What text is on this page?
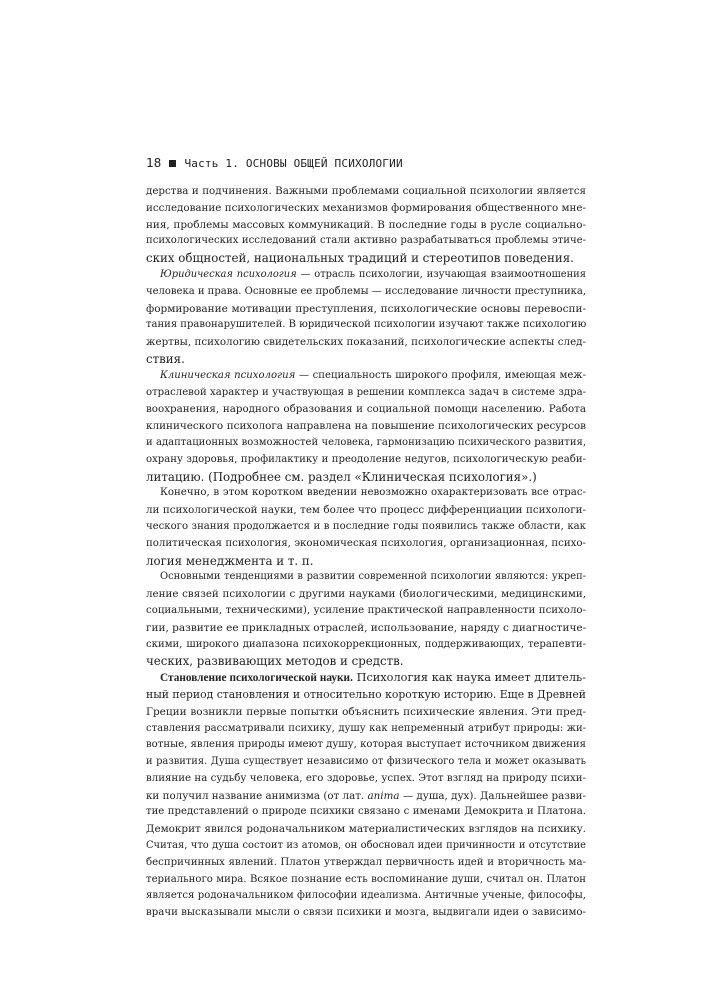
18 Часть 1. ОСНОВЫ ОБЩЕЙ ПСИХОЛОГИИ
дерства и подчинения. Важными проблемами социальной психологии является
исследование психологических механизмов формирования общественного мне-
ния, проблемы массовых коммуникаций. В последние годы в русле социально-
психологических исследований стали активно разрабатываться проблемы этиче-
ских общностей, национальных традиций и стереотипов поведения.
Юридическая психология — отрасль психологии, изучающая взаимоотношения
человека и права. Основные ее проблемы — исследование личности преступника,
формирование мотивации преступления, психологические основы перевоспи-
тания правонарушителей. В юридической психологии изучают также психологию
жертвы, психологию свидетельских показаний, психологические аспекты след-
ствия.
Клиническая психология — специальность широкого профиля, имеющая меж-
отраслевой характер и участвующая в решении комплекса задач в системе здра-
воохранения, народного образования и социальной помощи населению. Работа
клинического психолога направлена на повышение психологических ресурсов
и адаптационных возможностей человека, гармонизацию психического развития,
охрану здоровья, профилактику и преодоление недугов, психологическую реаби-
литацию. (Подробнее см. раздел «Клиническая психология».)
Конечно, в этом коротком введении невозможно охарактеризовать все отрас-
ли психологической науки, тем более что процесс дифференциации психологи-
ческого знания продолжается и в последние годы появились также области, как
политическая психология, экономическая психология, организационная, психо-
логия менеджмента и т. п.
Основными тенденциями в развитии современной психологии являются: укреп-
ление связей психологии с другими науками (биологическими, медицинскими,
социальными, техническими), усиление практической направленности психоло-
гии, развитие ее прикладных отраслей, использование, наряду с диагностиче-
скими, широкого диапазона психокоррекционных, поддерживающих, терапевти-
ческих, развивающих методов и средств.
Становление психологической науки. Психология как наука имеет длитель-
ный период становления и относительно короткую историю. Еще в Древней
Греции возникли первые попытки объяснить психические явления. Эти пред-
ставления рассматривали психику, душу как непременный атрибут природы: жи-
вотные, явления природы имеют душу, которая выступает источником движения
и развития. Душа существует независимо от физического тела и может оказывать
влияние на судьбу человека, его здоровье, успех. Этот взгляд на природу психи-
ки получил название анимизма (от лат. anima — душа, дух). Дальнейшее разви-
тие представлений о природе психики связано с именами Демокрита и Платона.
Демокрит явился родоначальником материалистических взглядов на психику.
Считая, что душа состоит из атомов, он обосновал идеи причинности и отсутствие
беспричинных явлений. Платон утверждал первичность идей и вторичность ма-
териального мира. Всякое познание есть воспоминание души, считал он. Платон
является родоначальником философии идеализма. Античные ученые, философы,
врачи высказывали мысли о связи психики и мозга, выдвигали идеи о зависимо-
